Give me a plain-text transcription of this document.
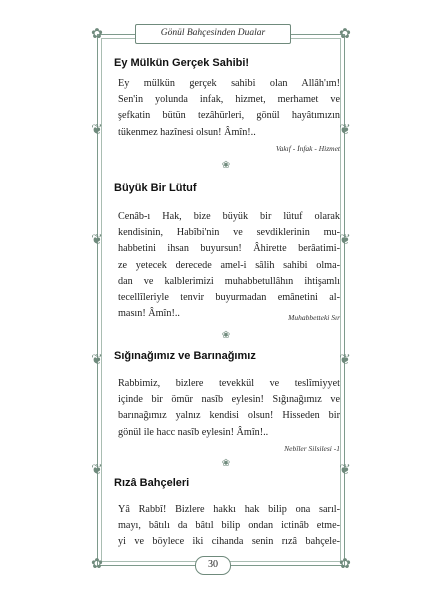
✿	✿
✿	✿
❦	❦
❦	❦
❦	❦
❦	❦
Gönül Bahçesinden Dualar
Ey Mülkün Gerçek Sahibi!
Ey mülkün gerçek sahibi olan Allâh'ım!
Sen'in yolunda infak, hizmet, merhamet ve
şefkatin bütün tezâhürleri, gönül hayâtımızın
tükenmez hazînesi olsun! Âmîn!..
Vakıf - İnfak - Hizmet
❀
Büyük Bir Lütuf
Cenâb-ı Hak, bize büyük bir lütuf olarak
kendisinin, Habîbi'nin ve sevdiklerinin mu-
habbetini ihsan buyursun! Âhirette berâatimi-
ze yetecek derecede amel-i sâlih sahibi olma-
dan ve kalblerimizi muhabbetullâhın ihtişamlı
tecellîleriyle tenvir buyurmadan emânetini al-
masın! Âmîn!..	Muhabbetteki Sır
❀
Sığınağımız ve Barınağımız
Rabbimiz, bizlere tevekkül ve teslîmiyyet
içinde bir ömür nasîb eylesin! Sığınağımız ve
barınağımız yalnız kendisi olsun! Hisseden bir
gönül ile hacc nasîb eylesin! Âmîn!..
Nebîler Silsilesi -1
❀
Rızâ Bahçeleri
Yâ Rabbî! Bizlere hakkı hak bilip ona sarıl-
mayı, bâtılı da bâtıl bilip ondan ictinâb etme-
yi ve böylece iki cihanda senin rızâ bahçele-
30
